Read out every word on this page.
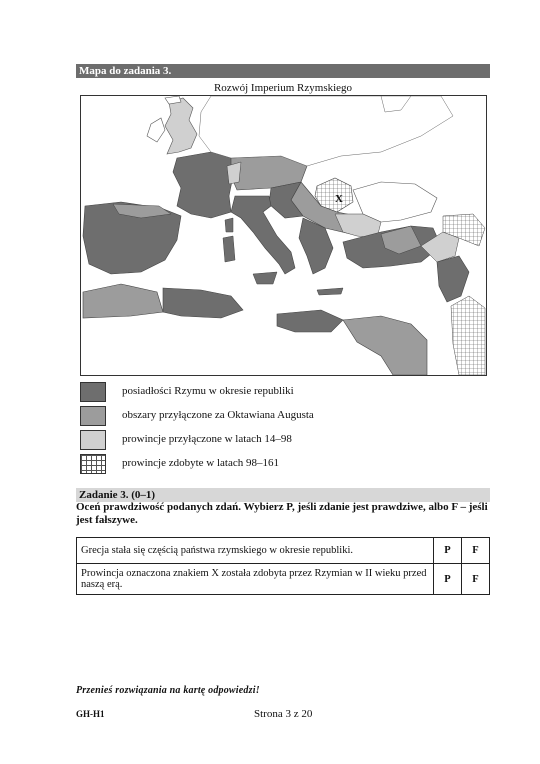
Mapa do zadania 3.
Rozwój Imperium Rzymskiego
X
posiadłości Rzymu w okresie republiki
obszary przyłączone za Oktawiana Augusta
prowincje przyłączone w latach 14–98
prowincje zdobyte w latach 98–161
Zadanie 3. (0–1)
Oceń prawdziwość podanych zdań. Wybierz P, jeśli zdanie jest prawdziwe, albo F – jeśli jest fałszywe.
Grecja stała się częścią państwa rzymskiego w okresie republiki.	P	F
Prowincja oznaczona znakiem X została zdobyta przez Rzymian w II wieku przed naszą erą.	P	F
Przenieś rozwiązania na kartę odpowiedzi!
GH-H1	Strona 3 z 20
